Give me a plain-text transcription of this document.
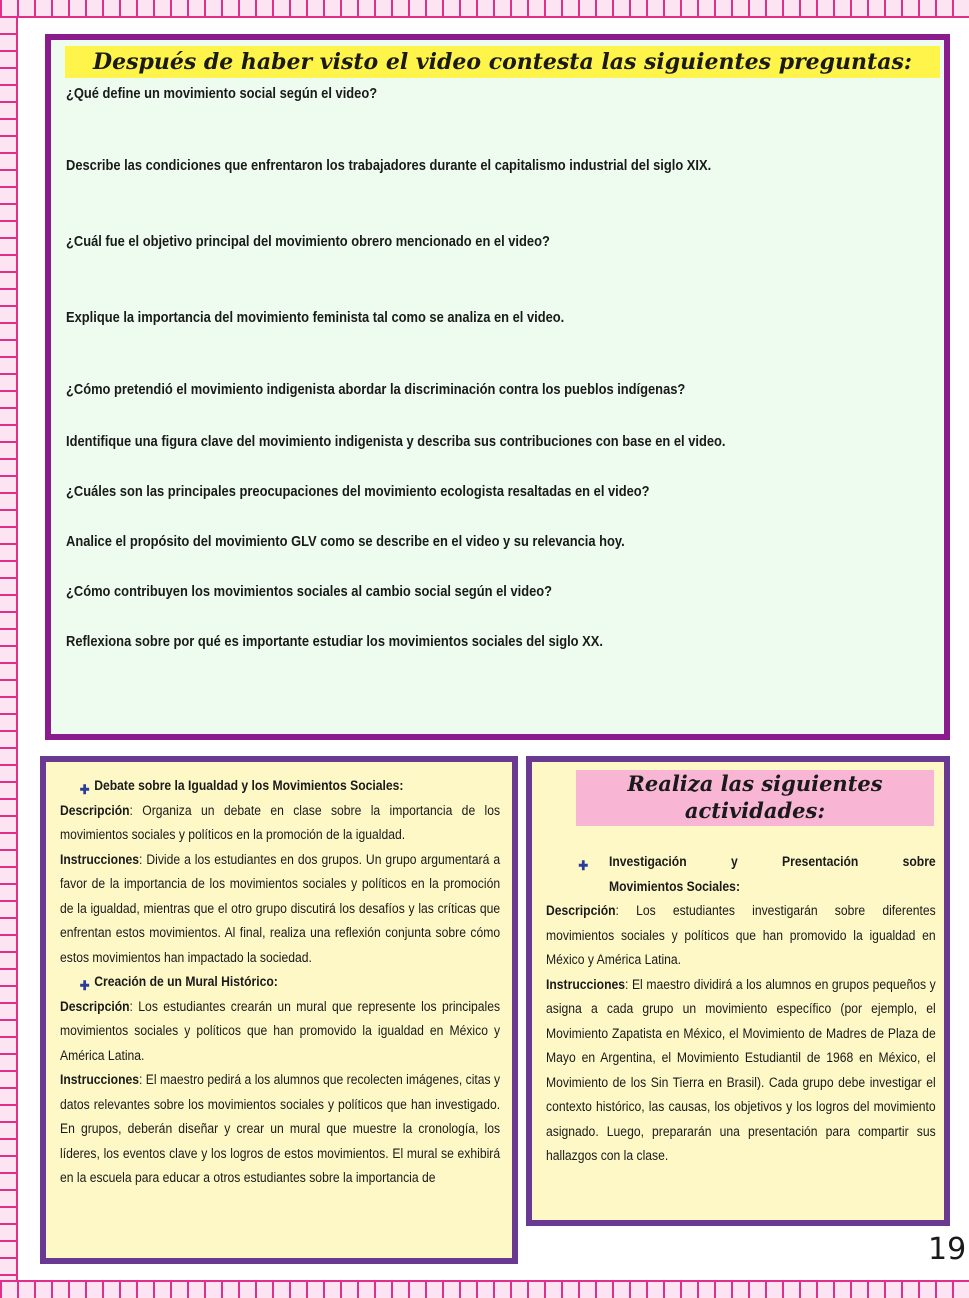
Después de haber visto el video contesta las siguientes preguntas:
¿Qué define un movimiento social según el video?
Describe las condiciones que enfrentaron los trabajadores durante el capitalismo industrial del siglo XIX.
¿Cuál fue el objetivo principal del movimiento obrero mencionado en el video?
Explique la importancia del movimiento feminista tal como se analiza en el video.
¿Cómo pretendió el movimiento indigenista abordar la discriminación contra los pueblos indígenas?
Identifique una figura clave del movimiento indigenista y describa sus contribuciones con base en el video.
¿Cuáles son las principales preocupaciones del movimiento ecologista resaltadas en el video?
Analice el propósito del movimiento GLV como se describe en el video y su relevancia hoy.
¿Cómo contribuyen los movimientos sociales al cambio social según el video?
Reflexiona sobre por qué es importante estudiar los movimientos sociales del siglo XX.

✚ Debate sobre la Igualdad y los Movimientos Sociales:
Descripción: Organiza un debate en clase sobre la importancia de los movimientos sociales y políticos en la promoción de la igualdad.
Instrucciones: Divide a los estudiantes en dos grupos. Un grupo argumentará a favor de la importancia de los movimientos sociales y políticos en la promoción de la igualdad, mientras que el otro grupo discutirá los desafíos y las críticas que enfrentan estos movimientos. Al final, realiza una reflexión conjunta sobre cómo estos movimientos han impactado la sociedad.
✚ Creación de un Mural Histórico:
Descripción: Los estudiantes crearán un mural que represente los principales movimientos sociales y políticos que han promovido la igualdad en México y América Latina.
Instrucciones: El maestro pedirá a los alumnos que recolecten imágenes, citas y datos relevantes sobre los movimientos sociales y políticos que han investigado. En grupos, deberán diseñar y crear un mural que muestre la cronología, los líderes, los eventos clave y los logros de estos movimientos. El mural se exhibirá en la escuela para educar a otros estudiantes sobre la importancia de

Realiza las siguientes actividades:

✚ Investigación y Presentación sobre
Movimientos Sociales:
Descripción: Los estudiantes investigarán sobre diferentes movimientos sociales y políticos que han promovido la igualdad en México y América Latina.
Instrucciones: El maestro dividirá a los alumnos en grupos pequeños y asigna a cada grupo un movimiento específico (por ejemplo, el Movimiento Zapatista en México, el Movimiento de Madres de Plaza de Mayo en Argentina, el Movimiento Estudiantil de 1968 en México, el Movimiento de los Sin Tierra en Brasil). Cada grupo debe investigar el contexto histórico, las causas, los objetivos y los logros del movimiento asignado. Luego, prepararán una presentación para compartir sus hallazgos con la clase.

19
